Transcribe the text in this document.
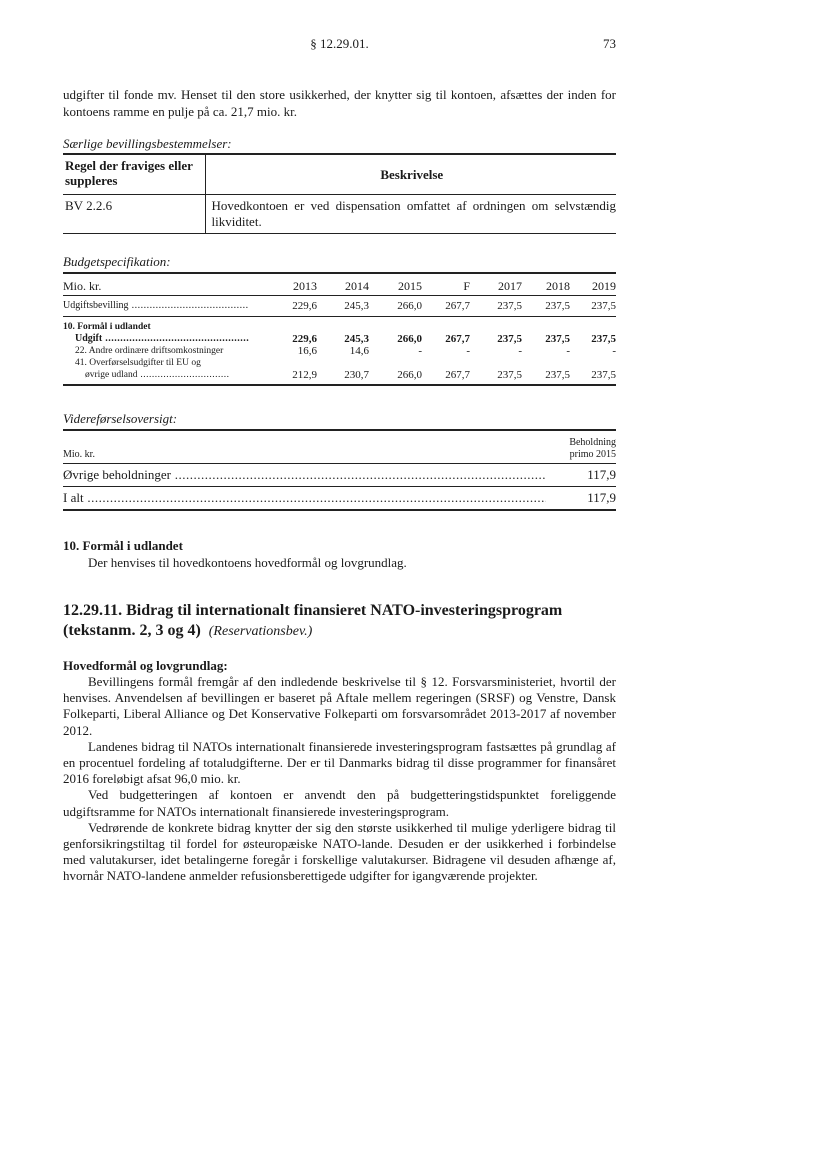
§ 12.29.01.	73

udgifter til fonde mv. Henset til den store usikkerhed, der knytter sig til kontoen, afsættes der inden for kontoens ramme en pulje på ca. 21,7 mio. kr.

Særlige bevillingsbestemmelser:

Regel der fraviges eller suppleres	Beskrivelse
BV 2.2.6	Hovedkontoen er ved dispensation omfattet af ordningen om selvstændig likviditet.

Budgetspecifikation:

Mio. kr.	2013	2014	2015	F	2017	2018	2019
Udgiftsbevilling .......................................	229,6	245,3	266,0	267,7	237,5	237,5	237,5
10. Formål i udlandet							
Udgift ................................................	229,6	245,3	266,0	267,7	237,5	237,5	237,5
22. Andre ordinære driftsomkostninger	16,6	14,6	-	-	-	-	-
41. Overførselsudgifter til EU og							
øvrige udland ...............................	212,9	230,7	266,0	267,7	237,5	237,5	237,5

Videreførselsoversigt:

Mio. kr.	Beholdning
primo 2015

Øvrige beholdninger .....	117,9

I alt .....	117,9

10. Formål i udlandet

Der henvises til hovedkontoens hovedformål og lovgrundlag.

12.29.11. Bidrag til internationalt finansieret NATO-investeringsprogram (tekstanm. 2, 3 og 4) (Reservationsbev.)

Hovedformål og lovgrundlag:

Bevillingens formål fremgår af den indledende beskrivelse til § 12. Forsvarsministeriet, hvortil der henvises. Anvendelsen af bevillingen er baseret på Aftale mellem regeringen (SRSF) og Venstre, Dansk Folkeparti, Liberal Alliance og Det Konservative Folkeparti om forsvarsområdet 2013-2017 af november 2012.

Landenes bidrag til NATOs internationalt finansierede investeringsprogram fastsættes på grundlag af en procentuel fordeling af totaludgifterne. Der er til Danmarks bidrag til disse programmer for finansåret 2016 foreløbigt afsat 96,0 mio. kr.

Ved budgetteringen af kontoen er anvendt den på budgetteringstidspunktet foreliggende udgiftsramme for NATOs internationalt finansierede investeringsprogram.

Vedrørende de konkrete bidrag knytter der sig den største usikkerhed til mulige yderligere bidrag til genforsikringstiltag til fordel for østeuropæiske NATO-lande. Desuden er der usikkerhed i forbindelse med valutakurser, idet betalingerne foregår i forskellige valutakurser. Bidragene vil desuden afhænge af, hvornår NATO-landene anmelder refusionsberettigede udgifter for igangværende projekter.
